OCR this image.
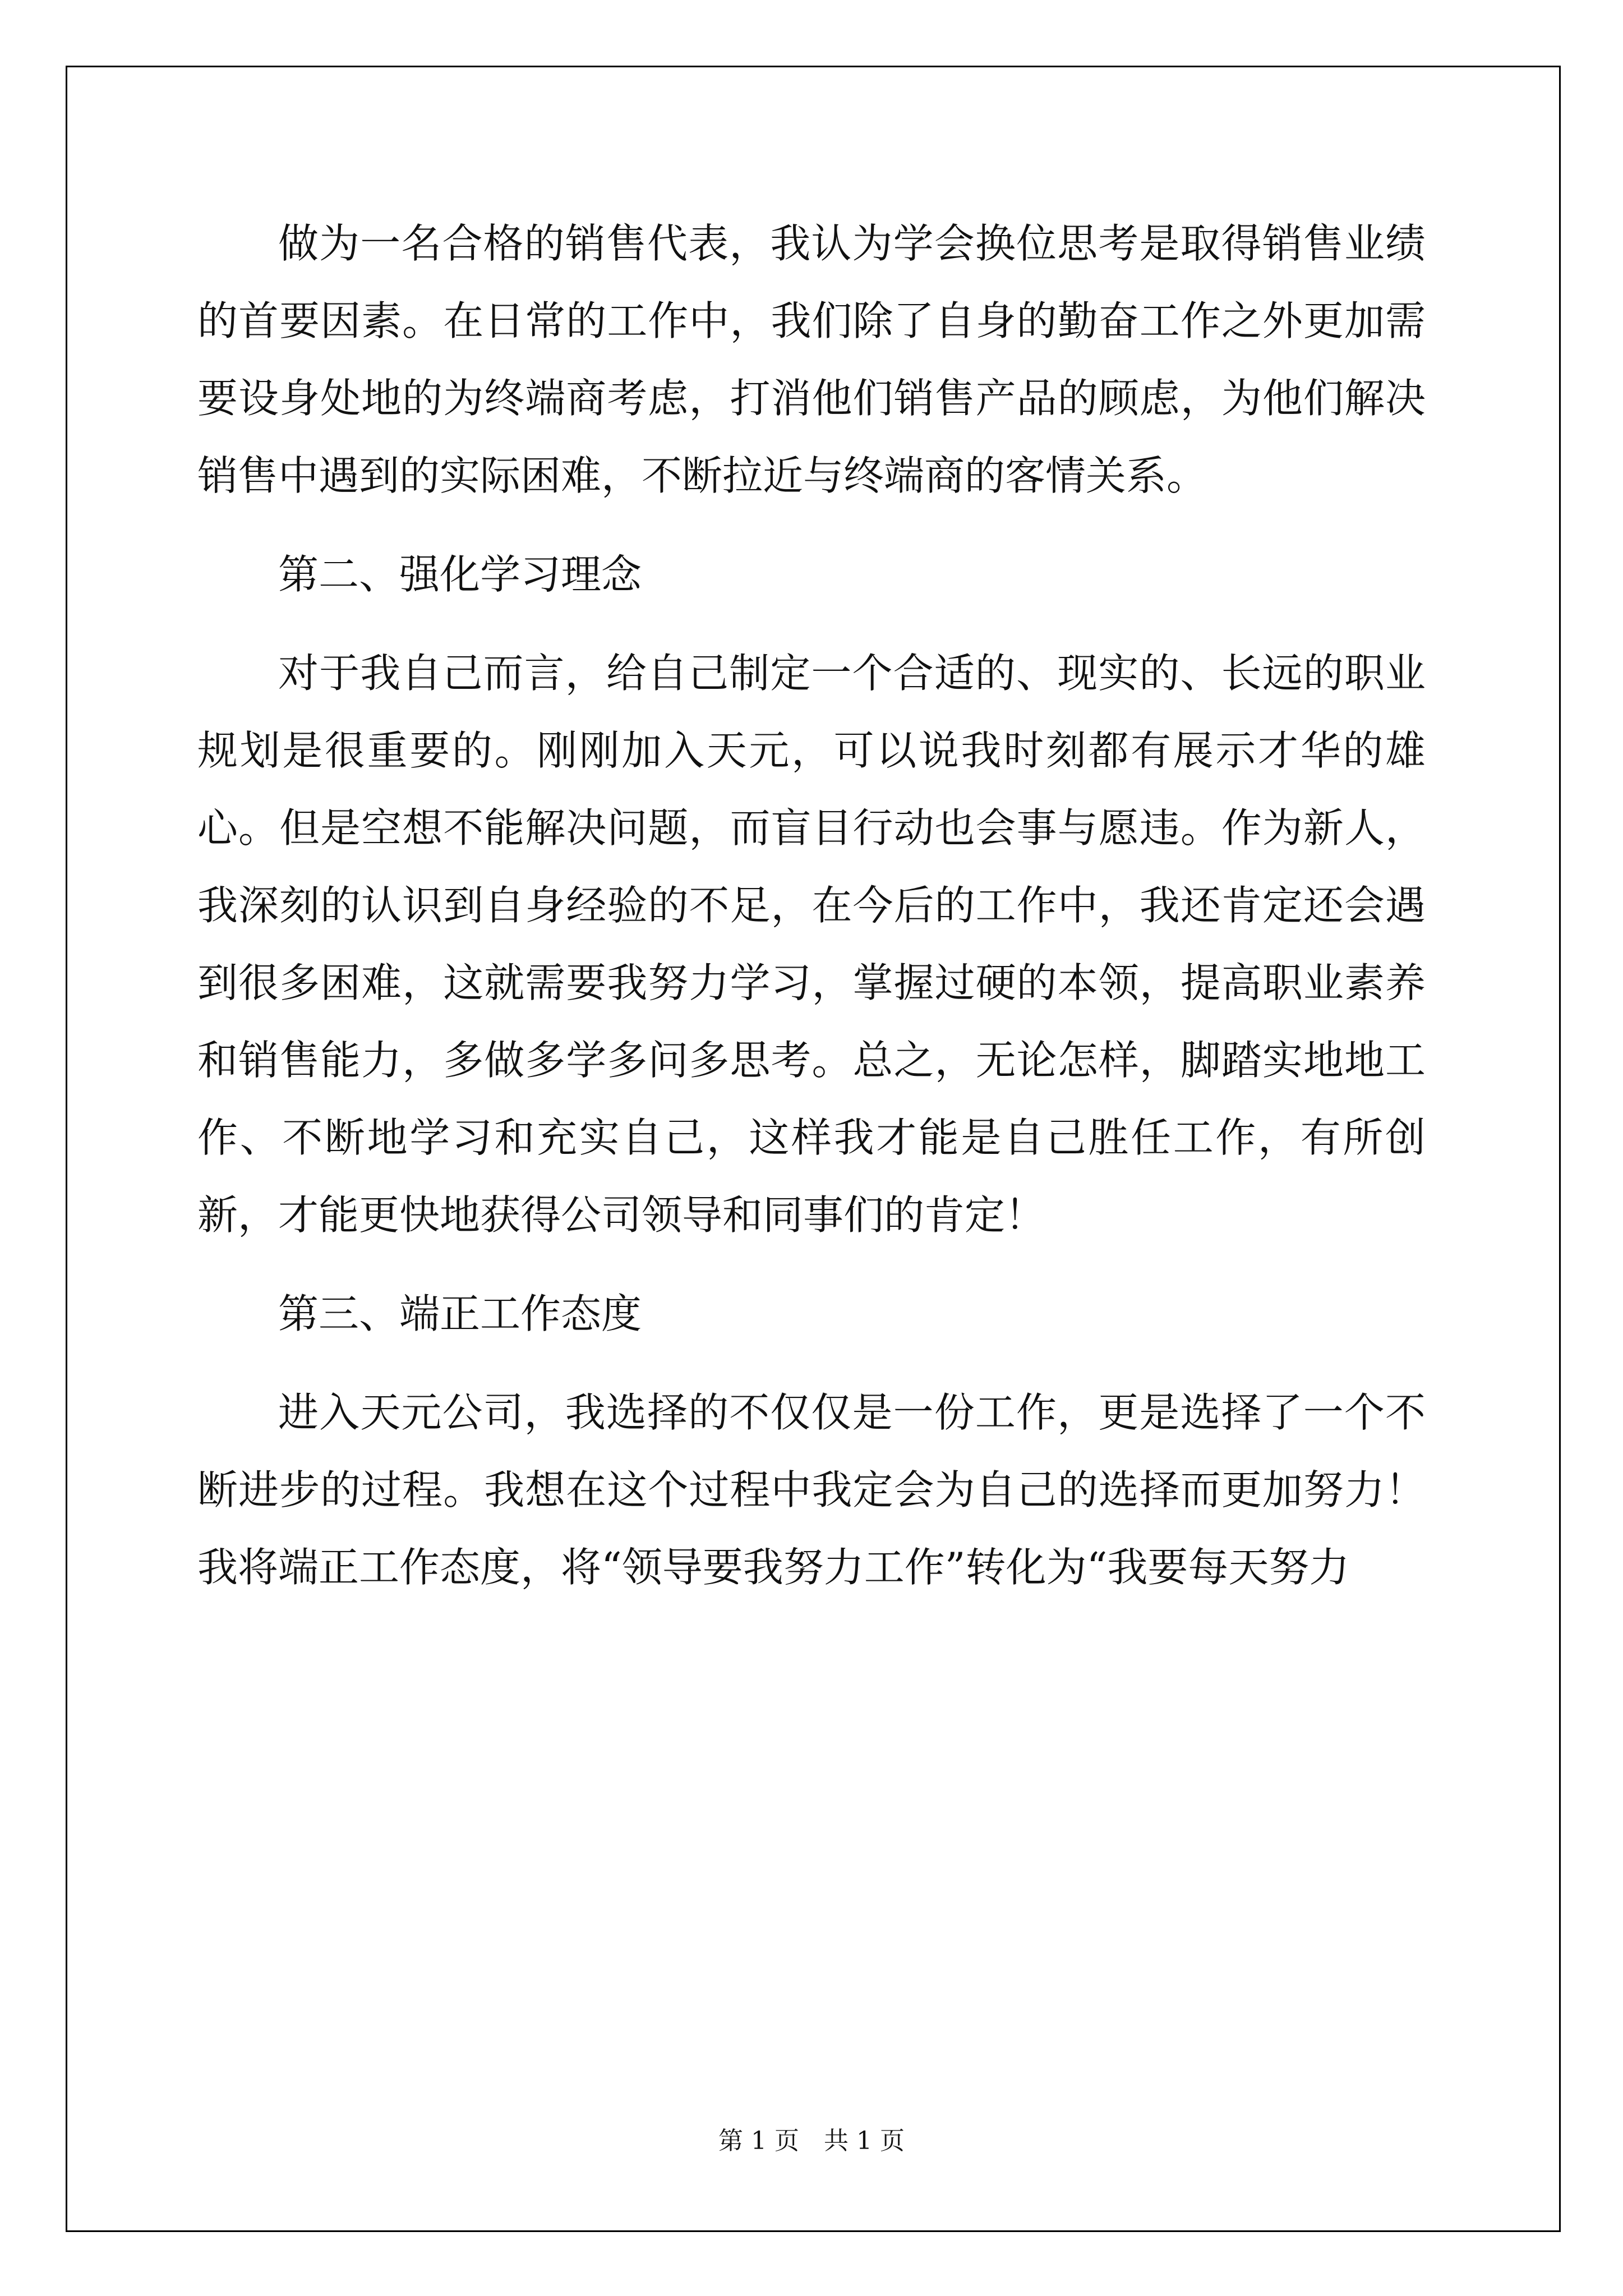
做为一名合格的销售代表，我认为学会换位思考是取得销售业绩的首要因素。在日常的工作中，我们除了自身的勤奋工作之外更加需要设身处地的为终端商考虑，打消他们销售产品的顾虑，为他们解决销售中遇到的实际困难，不断拉近与终端商的客情关系。

第二、强化学习理念

对于我自己而言，给自己制定一个合适的、现实的、长远的职业规划是很重要的。刚刚加入天元，可以说我时刻都有展示才华的雄心。但是空想不能解决问题，而盲目行动也会事与愿违。作为新人，我深刻的认识到自身经验的不足，在今后的工作中，我还肯定还会遇到很多困难，这就需要我努力学习，掌握过硬的本领，提高职业素养和销售能力，多做多学多问多思考。总之，无论怎样，脚踏实地地工作、不断地学习和充实自己，这样我才能是自己胜任工作，有所创新，才能更快地获得公司领导和同事们的肯定！

第三、端正工作态度

进入天元公司，我选择的不仅仅是一份工作，更是选择了一个不断进步的过程。我想在这个过程中我定会为自己的选择而更加努力！我将端正工作态度，将“领导要我努力工作”转化为“我要每天努力

第 1 页　共 1 页
